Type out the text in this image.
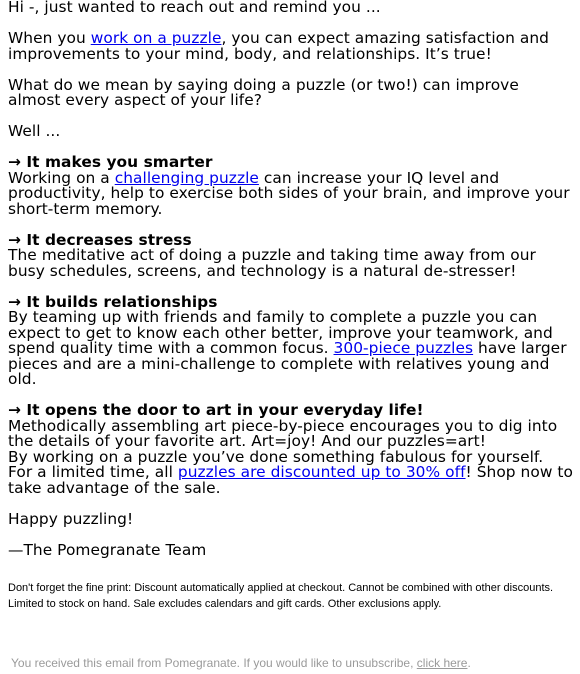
Hi -, just wanted to reach out and remind you ...

When you work on a puzzle, you can expect amazing satisfaction and improvements to your mind, body, and relationships. It’s true!

What do we mean by saying doing a puzzle (or two!) can improve almost every aspect of your life?

Well ...

→ It makes you smarter

Working on a challenging puzzle can increase your IQ level and productivity, help to exercise both sides of your brain, and improve your short-term memory.

→ It decreases stress

The meditative act of doing a puzzle and taking time away from our busy schedules, screens, and technology is a natural de-stresser!

→ It builds relationships

By teaming up with friends and family to complete a puzzle you can expect to get to know each other better, improve your teamwork, and spend quality time with a common focus. 300-piece puzzles have larger pieces and are a mini-challenge to complete with relatives young and old.

→ It opens the door to art in your everyday life!

Methodically assembling art piece-by-piece encourages you to dig into the details of your favorite art. Art=joy! And our puzzles=art!

By working on a puzzle you’ve done something fabulous for yourself.

For a limited time, all puzzles are discounted up to 30% off! Shop now to take advantage of the sale.

Happy puzzling!

—The Pomegranate Team

Don't forget the fine print: Discount automatically applied at checkout. Cannot be combined with other discounts. Limited to stock on hand. Sale excludes calendars and gift cards. Other exclusions apply.

You received this email from Pomegranate. If you would like to unsubscribe, click here.
